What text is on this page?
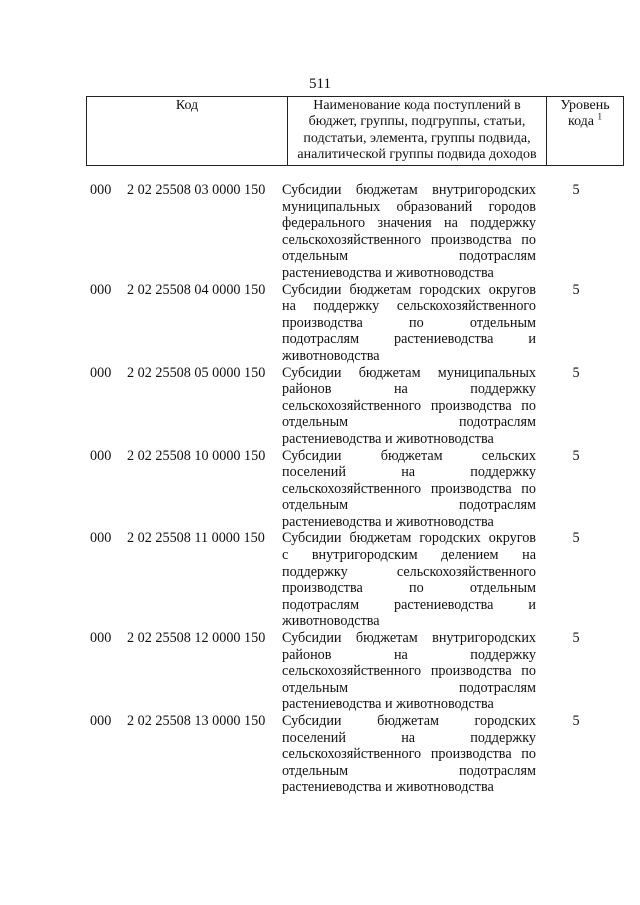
511
Код	Наименование кода поступлений в
бюджет, группы, подгруппы, статьи,
подстатьи, элемента, группы подвида,
аналитической группы подвида доходов

Уровень
кода $^1$
000	2 02 25508 03 0000 150	Субсидии бюджетам внутригородских
муниципальных образований городов
федерального значения на поддержку
сельскохозяйственного производства по
отдельным подотраслям
растениеводства и животноводства
5
000	2 02 25508 04 0000 150	Субсидии бюджетам городских округов
на поддержку сельскохозяйственного
производства по отдельным
подотраслям растениеводства и
животноводства
5
000	2 02 25508 05 0000 150	Субсидии бюджетам муниципальных
районов на поддержку
сельскохозяйственного производства по
отдельным подотраслям
растениеводства и животноводства
5
000	2 02 25508 10 0000 150	Субсидии бюджетам сельских
поселений на поддержку
сельскохозяйственного производства по
отдельным подотраслям
растениеводства и животноводства
5
000	2 02 25508 11 0000 150	Субсидии бюджетам городских округов
с внутригородским делением на
поддержку сельскохозяйственного
производства по отдельным
подотраслям растениеводства и
животноводства
5
000	2 02 25508 12 0000 150	Субсидии бюджетам внутригородских
районов на поддержку
сельскохозяйственного производства по
отдельным подотраслям
растениеводства и животноводства
5
000	2 02 25508 13 0000 150	Субсидии бюджетам городских
поселений на поддержку
сельскохозяйственного производства по
отдельным подотраслям
растениеводства и животноводства
5
